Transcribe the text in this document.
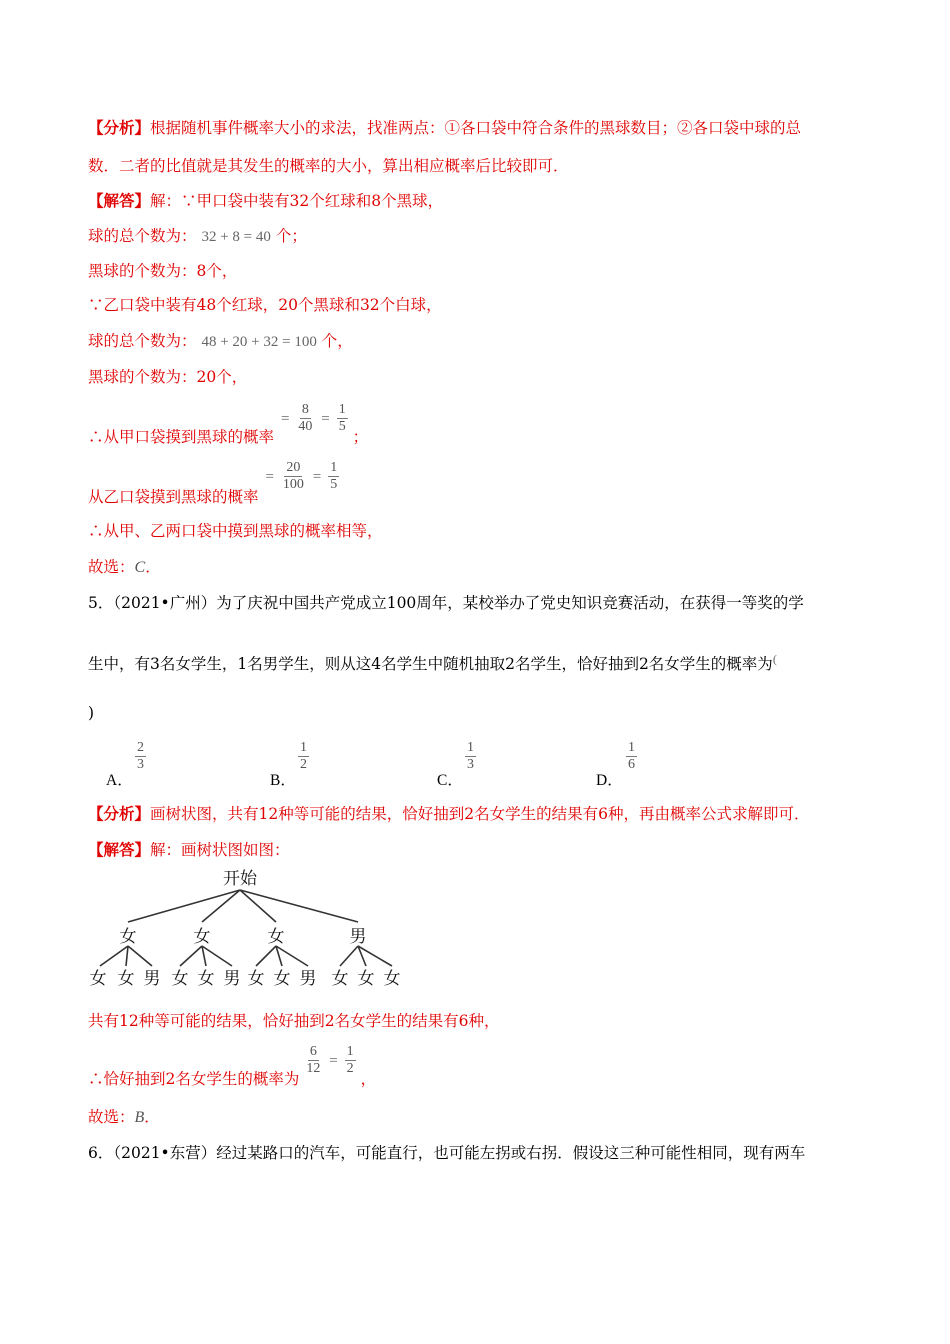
【分析】根据随机事件概率大小的求法，找准两点：①各口袋中符合条件的黑球数目；②各口袋中球的总
数．二者的比值就是其发生的概率的大小，算出相应概率后比较即可．
【解答】解：∵甲口袋中装有32个红球和8个黑球，
球的总个数为： 32 + 8 = 40 个；
黑球的个数为：8个，
∵乙口袋中装有48个红球，20个黑球和32个白球，
球的总个数为： 48 + 20 + 32 = 100 个，
黑球的个数为：20个，
∴从甲口袋摸到黑球的概率 = $\frac{8}{40} = \frac{1}{5}$
；
从乙口袋摸到黑球的概率 = $\frac{20}{100} = \frac{1}{5}$
∴从甲、乙两口袋中摸到黑球的概率相等，
故选：C．
5．（2021•广州）为了庆祝中国共产党成立100周年，某校举办了党史知识竞赛活动，在获得一等奖的学
生中，有3名女学生，1名男学生，则从这4名学生中随机抽取2名学生，恰好抽到2名女学生的概率为(
)
A．
$\frac{2}{3}$
B．
$\frac{1}{2}$
C．
$\frac{1}{3}$
D．
$\frac{1}{6}$
【分析】画树状图，共有12种等可能的结果，恰好抽到2名女学生的结果有6种，再由概率公式求解即可．
【解答】解：画树状图如图：
开始
女	女	女	男
女 女 男 女 女 男 女 女 男 女 女 女
共有12种等可能的结果，恰好抽到2名女学生的结果有6种，
∴恰好抽到2名女学生的概率为
$\frac{6}{12} = \frac{1}{2}$
，
故选：B．
6．（2021•东营）经过某路口的汽车，可能直行，也可能左拐或右拐．假设这三种可能性相同，现有两车
